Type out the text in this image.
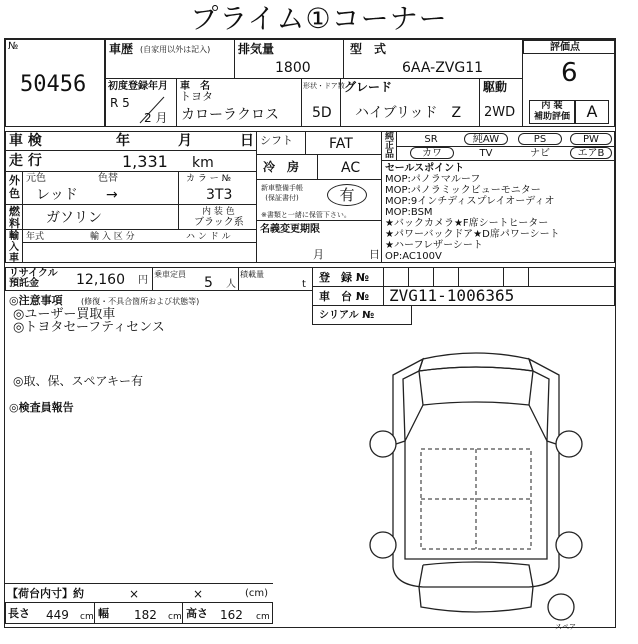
プライム①コーナー
№
50456
車歴 (自家用以外は記入) 排気量
1800
型　式
6AA-ZVG11
評価点
6
内 装
補助評価	A
初度登録年月
R 5
2 月
車　名
トヨタ
カローラクロス
形状・ドア数
5D
グレード
ハイブリッド　Z
駆動
2WD
車 検	年	月	日
走 行	1,331 km
外色
元色	色替
レッド →
カ ラ ー №
3T3
燃料 ガソリン	内 装 色
ブラック系
輸入車
年式	輸 入 区 分	ハ ン ド ル
シフト	FAT
冷　房	AC
新車整備手帳
(保証書付)	有
※書類と一緒に保管下さい。
名義変更期限
月	日
純正品
SR	純AW	PS	PW
カワ	TV	ナビ	エアB
セールスポイント
MOP:パノラマルーフ
MOP:パノラミックビューモニター
MOP:9インチディスプレイオーディオ
MOP:BSM
★バックカメラ★F席シートヒーター
★パワーバックドア★D席パワーシート
★ハーフレザーシート
OP:AC100V
リサイクル
預託金	12,160 円
乗車定員
5 人
積載量
t
登　録 №
車　台 № ZVG11-1006365
シリアル №
◎注意事項 (修復・不具合箇所および状態等)
◎ユーザー買取車
◎トヨタセーフティセンス
◎取、保、スペアキー有
◎検査員報告
スペア
【荷台内寸】約	×	×	(cm)
長さ 449 cm 幅 182 cm 高さ 162 cm
